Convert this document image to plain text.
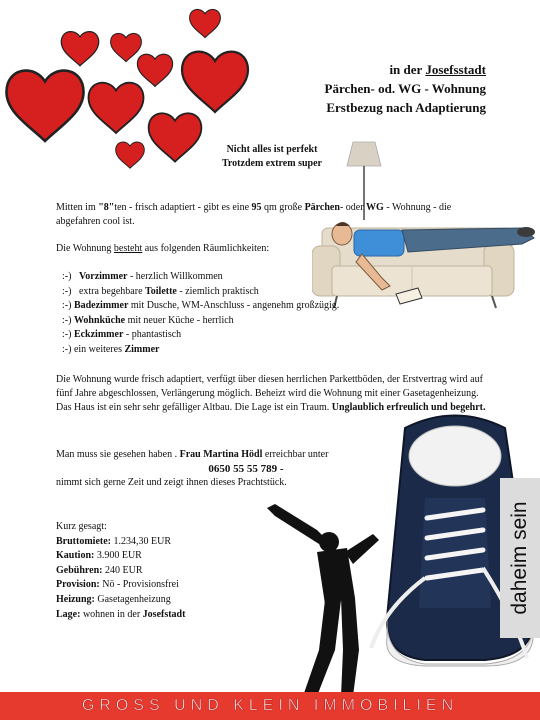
in der Josefsstadt
Pärchen- od. WG - Wohnung
Erstbezug nach Adaptierung
Nicht alles ist perfekt
Trotzdem extrem super
Mitten im "8"ten - frisch adaptiert - gibt es eine 95 qm große Pärchen- oder WG - Wohnung - die abgefahren cool ist.
Die Wohnung besteht aus folgenden Räumlichkeiten:
:-)   Vorzimmer - herzlich Willkommen
:-)   extra begehbare Toilette - ziemlich praktisch
:-) Badezimmer mit Dusche, WM-Anschluss - angenehm großzügig.
:-) Wohnküche mit neuer Küche - herrlich
:-) Eckzimmer - phantastisch
:-) ein weiteres Zimmer
Die Wohnung wurde frisch adaptiert, verfügt über diesen herrlichen Parkettböden, der Erstvertrag wird auf fünf Jahre abgeschlossen, Verlängerung möglich. Beheizt wird die Wohnung mit einer Gasetagenheizung. Das Haus ist ein sehr sehr gefälliger Altbau. Die Lage ist ein Traum. Unglaublich erfreulich und begehrt.
Man muss sie gesehen haben . Frau Martina Hödl erreichbar unter
0650 55 55 789 -
nimmt sich gerne Zeit und zeigt ihnen dieses Prachtstück.
Kurz gesagt:
Bruttomiete: 1.234,30 EUR
Kaution: 3.900 EUR
Gebühren: 240 EUR
Provision: Nö - Provisionsfrei
Heizung: Gasetagenheizung
Lage: wohnen in der Josefstadt	daheim sein
GROSS UND KLEIN IMMOBILIEN
